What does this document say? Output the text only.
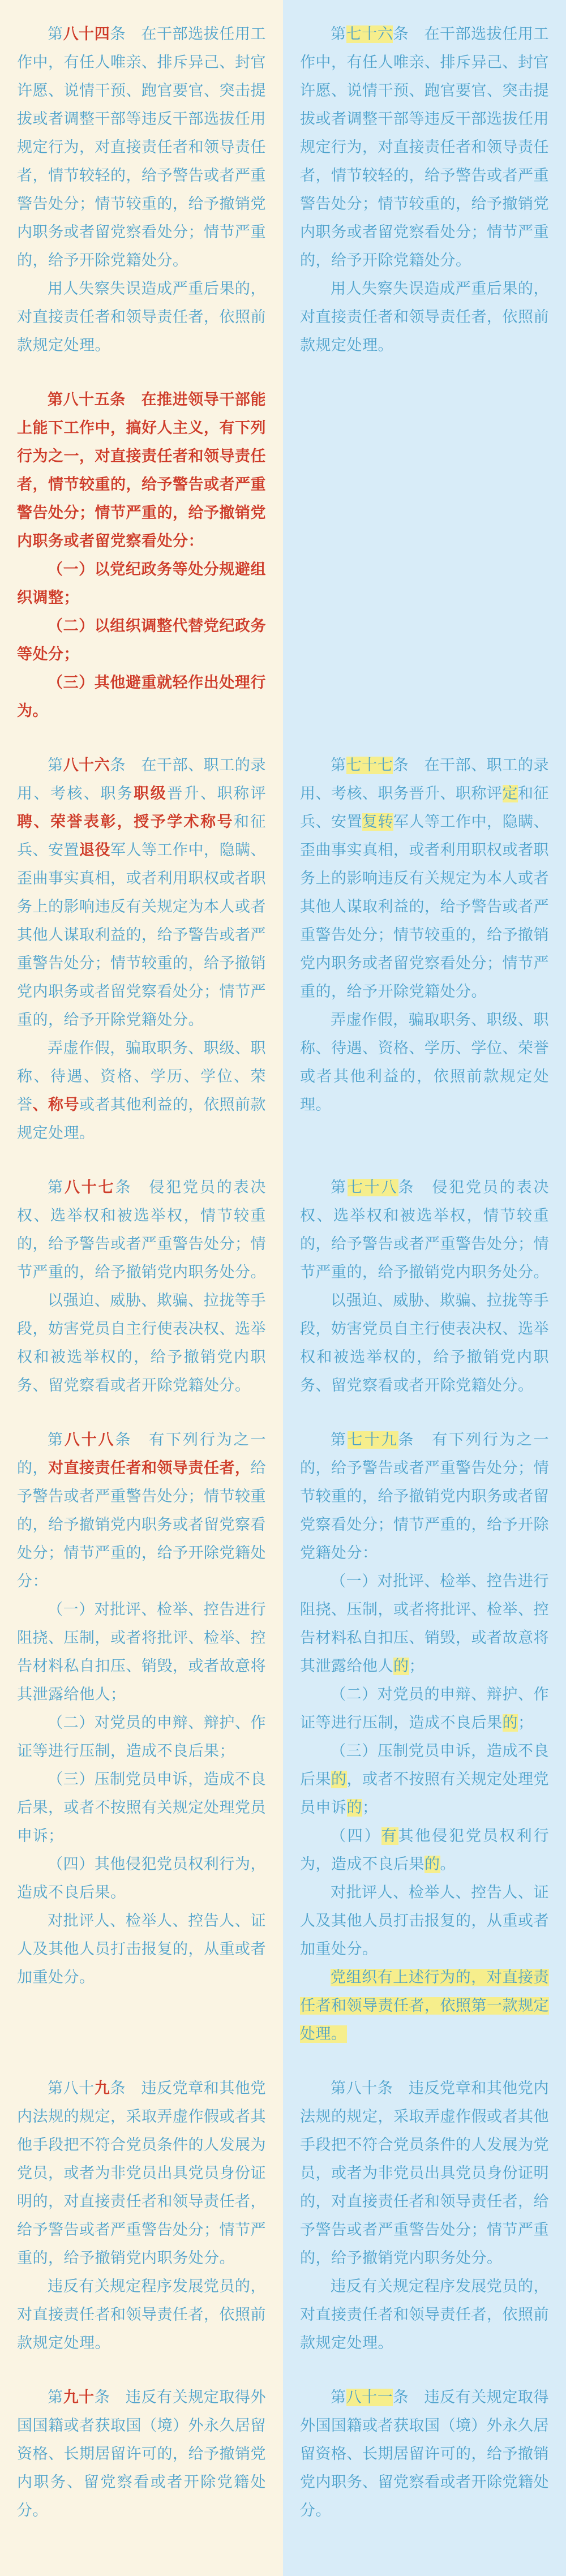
第八十四条　在干部选拔任用工作中，有任人唯亲、排斥异己、封官许愿、说情干预、跑官要官、突击提拔或者调整干部等违反干部选拔任用规定行为，对直接责任者和领导责任者，情节较轻的，给予警告或者严重警告处分；情节较重的，给予撤销党内职务或者留党察看处分；情节严重的，给予开除党籍处分。

用人失察失误造成严重后果的，对直接责任者和领导责任者，依照前款规定处理。

第七十六条　在干部选拔任用工作中，有任人唯亲、排斥异己、封官许愿、说情干预、跑官要官、突击提拔或者调整干部等违反干部选拔任用规定行为，对直接责任者和领导责任者，情节较轻的，给予警告或者严重警告处分；情节较重的，给予撤销党内职务或者留党察看处分；情节严重的，给予开除党籍处分。

用人失察失误造成严重后果的，对直接责任者和领导责任者，依照前款规定处理。

第八十五条　在推进领导干部能上能下工作中，搞好人主义，有下列行为之一，对直接责任者和领导责任者，情节较重的，给予警告或者严重警告处分；情节严重的，给予撤销党内职务或者留党察看处分：

（一）以党纪政务等处分规避组织调整；

（二）以组织调整代替党纪政务等处分；

（三）其他避重就轻作出处理行为。

第八十六条　在干部、职工的录用、考核、职务职级晋升、职称评聘、荣誉表彰，授予学术称号和征兵、安置退役军人等工作中，隐瞒、歪曲事实真相，或者利用职权或者职务上的影响违反有关规定为本人或者其他人谋取利益的，给予警告或者严重警告处分；情节较重的，给予撤销党内职务或者留党察看处分；情节严重的，给予开除党籍处分。

弄虚作假，骗取职务、职级、职称、待遇、资格、学历、学位、荣誉、称号或者其他利益的，依照前款规定处理。

第七十七条　在干部、职工的录用、考核、职务晋升、职称评定和征兵、安置复转军人等工作中，隐瞒、歪曲事实真相，或者利用职权或者职务上的影响违反有关规定为本人或者其他人谋取利益的，给予警告或者严重警告处分；情节较重的，给予撤销党内职务或者留党察看处分；情节严重的，给予开除党籍处分。

弄虚作假，骗取职务、职级、职称、待遇、资格、学历、学位、荣誉或者其他利益的，依照前款规定处理。

第八十七条　侵犯党员的表决权、选举权和被选举权，情节较重的，给予警告或者严重警告处分；情节严重的，给予撤销党内职务处分。

以强迫、威胁、欺骗、拉拢等手段，妨害党员自主行使表决权、选举权和被选举权的，给予撤销党内职务、留党察看或者开除党籍处分。

第七十八条　侵犯党员的表决权、选举权和被选举权，情节较重的，给予警告或者严重警告处分；情节严重的，给予撤销党内职务处分。

以强迫、威胁、欺骗、拉拢等手段，妨害党员自主行使表决权、选举权和被选举权的，给予撤销党内职务、留党察看或者开除党籍处分。

第八十八条　有下列行为之一的，对直接责任者和领导责任者，给予警告或者严重警告处分；情节较重的，给予撤销党内职务或者留党察看处分；情节严重的，给予开除党籍处分：

（一）对批评、检举、控告进行阻挠、压制，或者将批评、检举、控告材料私自扣压、销毁，或者故意将其泄露给他人；

（二）对党员的申辩、辩护、作证等进行压制，造成不良后果；

（三）压制党员申诉，造成不良后果，或者不按照有关规定处理党员申诉；

（四）其他侵犯党员权利行为，造成不良后果。

对批评人、检举人、控告人、证人及其他人员打击报复的，从重或者加重处分。

第七十九条　有下列行为之一的，给予警告或者严重警告处分；情节较重的，给予撤销党内职务或者留党察看处分；情节严重的，给予开除党籍处分：

（一）对批评、检举、控告进行阻挠、压制，或者将批评、检举、控告材料私自扣压、销毁，或者故意将其泄露给他人的；

（二）对党员的申辩、辩护、作证等进行压制，造成不良后果的；

（三）压制党员申诉，造成不良后果的，或者不按照有关规定处理党员申诉的；

（四）有其他侵犯党员权利行为，造成不良后果的。

对批评人、检举人、控告人、证人及其他人员打击报复的，从重或者加重处分。

党组织有上述行为的，对直接责任者和领导责任者，依照第一款规定处理。

第八十九条　违反党章和其他党内法规的规定，采取弄虚作假或者其他手段把不符合党员条件的人发展为党员，或者为非党员出具党员身份证明的，对直接责任者和领导责任者，给予警告或者严重警告处分；情节严重的，给予撤销党内职务处分。

违反有关规定程序发展党员的，对直接责任者和领导责任者，依照前款规定处理。

第八十条　违反党章和其他党内法规的规定，采取弄虚作假或者其他手段把不符合党员条件的人发展为党员，或者为非党员出具党员身份证明的，对直接责任者和领导责任者，给予警告或者严重警告处分；情节严重的，给予撤销党内职务处分。

违反有关规定程序发展党员的，对直接责任者和领导责任者，依照前款规定处理。

第九十条　违反有关规定取得外国国籍或者获取国（境）外永久居留资格、长期居留许可的，给予撤销党内职务、留党察看或者开除党籍处分。

第八十一条　违反有关规定取得外国国籍或者获取国（境）外永久居留资格、长期居留许可的，给予撤销党内职务、留党察看或者开除党籍处分。
